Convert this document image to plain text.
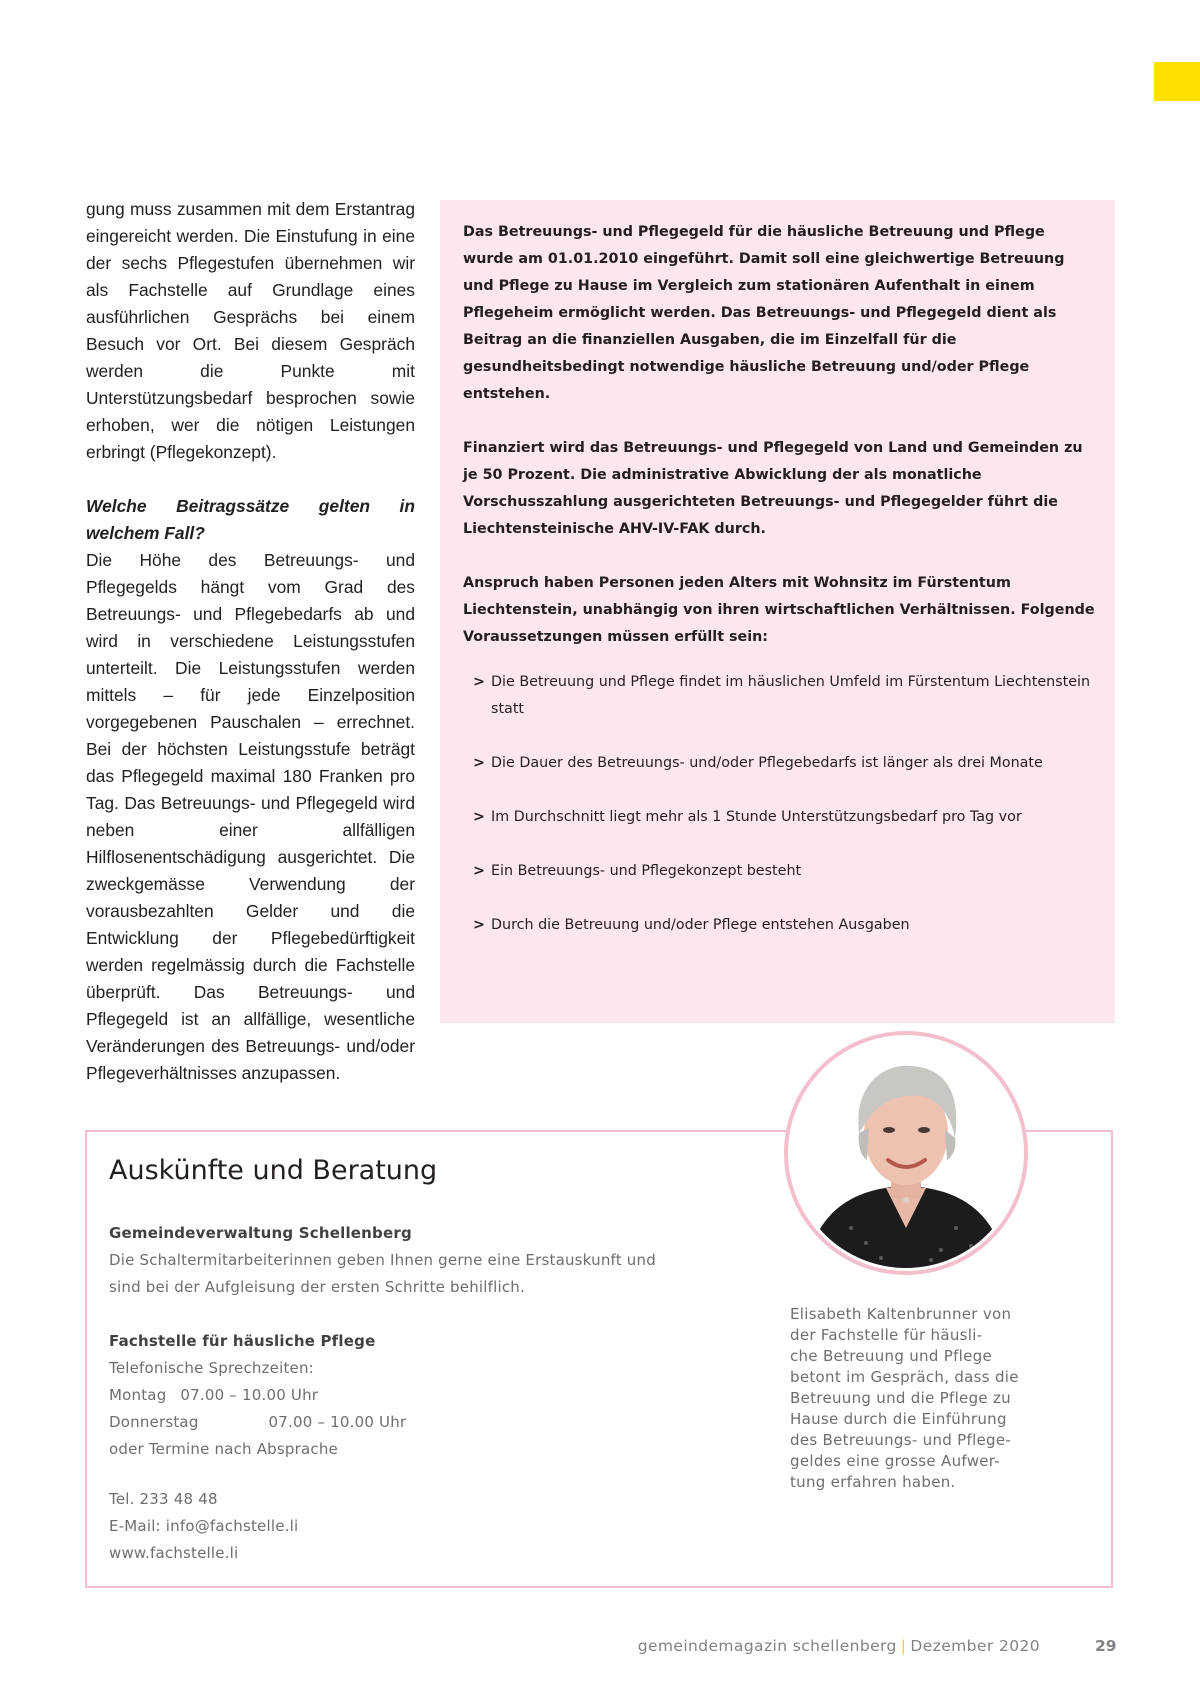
gung muss zusammen mit dem Erstantrag eingereicht werden. Die Einstufung in eine der sechs Pflegestufen übernehmen wir als Fachstelle auf Grundlage eines ausführlichen Gesprächs bei einem Besuch vor Ort. Bei diesem Gespräch werden die Punkte mit Unterstützungsbedarf besprochen sowie erhoben, wer die nötigen Leistungen erbringt (Pflegekonzept).

Welche Beitragssätze gelten in welchem Fall?

Die Höhe des Betreuungs- und Pflegegelds hängt vom Grad des Betreuungs- und Pflegebedarfs ab und wird in verschiedene Leistungsstufen unterteilt. Die Leistungsstufen werden mittels – für jede Einzelposition vorgegebenen Pauschalen – errechnet. Bei der höchsten Leistungsstufe beträgt das Pflegegeld maximal 180 Franken pro Tag. Das Betreuungs- und Pflegegeld wird neben einer allfälligen Hilflosenentschädigung ausgerichtet. Die zweckgemässe Verwendung der vorausbezahlten Gelder und die Entwicklung der Pflegebedürftigkeit werden regelmässig durch die Fachstelle überprüft. Das Betreuungs- und Pflegegeld ist an allfällige, wesentliche Veränderungen des Betreuungs- und/oder Pflegeverhältnisses anzupassen.

Das Betreuungs- und Pflegegeld für die häusliche Betreuung und Pflege wurde am 01.01.2010 eingeführt. Damit soll eine gleichwertige Betreuung und Pflege zu Hause im Vergleich zum stationären Aufenthalt in einem Pflegeheim ermöglicht werden. Das Betreuungs- und Pflegegeld dient als Beitrag an die finanziellen Ausgaben, die im Einzelfall für die gesundheitsbedingt notwendige häusliche Betreuung und/oder Pflege entstehen.

Finanziert wird das Betreuungs- und Pflegegeld von Land und Gemeinden zu je 50 Prozent. Die administrative Abwicklung der als monatliche Vorschusszahlung ausgerichteten Betreuungs- und Pflegegelder führt die Liechtensteinische AHV-IV-FAK durch.

Anspruch haben Personen jeden Alters mit Wohnsitz im Fürstentum Liechtenstein, unabhängig von ihren wirtschaftlichen Verhältnissen. Folgende Voraussetzungen müssen erfüllt sein:

> Die Betreuung und Pflege findet im häuslichen Umfeld im Fürstentum Liechtenstein statt
> Die Dauer des Betreuungs- und/oder Pflegebedarfs ist länger als drei Monate
> Im Durchschnitt liegt mehr als 1 Stunde Unterstützungsbedarf pro Tag vor
> Ein Betreuungs- und Pflegekonzept besteht
> Durch die Betreuung und/oder Pflege entstehen Ausgaben
Auskünfte und Beratung
Gemeindeverwaltung Schellenberg
Die Schaltermitarbeiterinnen geben Ihnen gerne eine Erstauskunft und
sind bei der Aufgleisung der ersten Schritte behilflich.
Fachstelle für häusliche Pflege
Telefonische Sprechzeiten:
Montag 07.00 – 10.00 Uhr
Donnerstag	07.00 – 10.00 Uhr
oder Termine nach Absprache
Tel. 233 48 48
E-Mail: info@fachstelle.li
www.fachstelle.li
Elisabeth Kaltenbrunner von
der Fachstelle für häusli-
che Betreuung und Pflege
betont im Gespräch, dass die
Betreuung und die Pflege zu
Hause durch die Einführung
des Betreuungs- und Pflege-
geldes eine grosse Aufwer-
tung erfahren haben.
gemeindemagazin schellenberg | Dezember 2020	29
